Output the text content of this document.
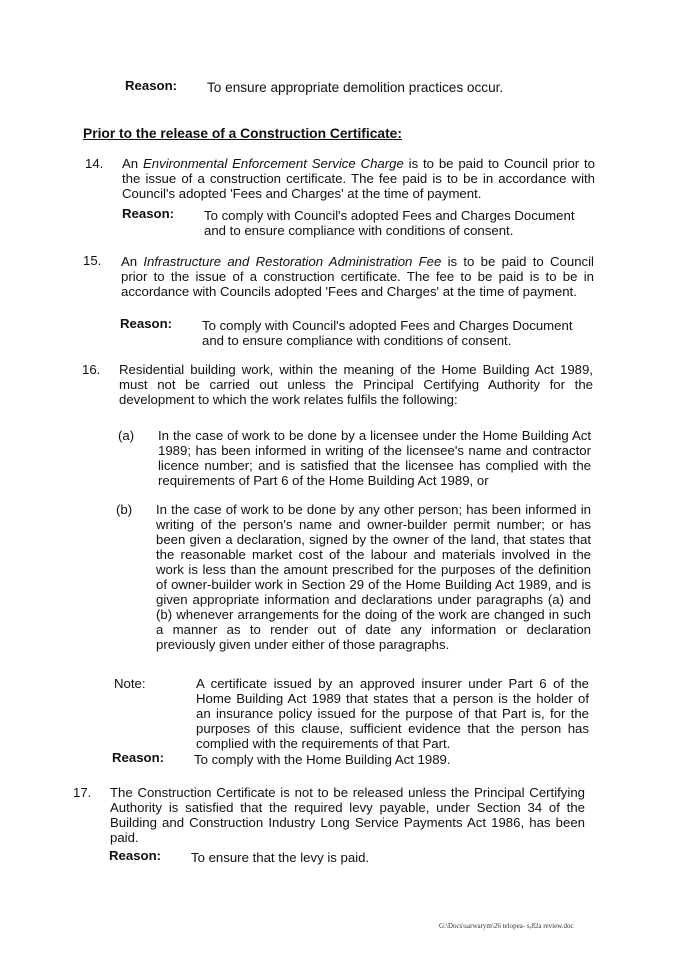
Reason: To ensure appropriate demolition practices occur.
Prior to the release of a Construction Certificate:
14.	An Environmental Enforcement Service Charge is to be paid to Council prior to the issue of a construction certificate. The fee paid is to be in accordance with Council's adopted 'Fees and Charges' at the time of payment.
Reason: To comply with Council's adopted Fees and Charges Document and to ensure compliance with conditions of consent.
15.	An Infrastructure and Restoration Administration Fee is to be paid to Council prior to the issue of a construction certificate. The fee to be paid is to be in accordance with Councils adopted 'Fees and Charges' at the time of payment.
Reason: To comply with Council's adopted Fees and Charges Document and to ensure compliance with conditions of consent.
16.	Residential building work, within the meaning of the Home Building Act 1989, must not be carried out unless the Principal Certifying Authority for the development to which the work relates fulfils the following:
(a) In the case of work to be done by a licensee under the Home Building Act 1989; has been informed in writing of the licensee's name and contractor licence number; and is satisfied that the licensee has complied with the requirements of Part 6 of the Home Building Act 1989, or
(b) In the case of work to be done by any other person; has been informed in writing of the person's name and owner-builder permit number; or has been given a declaration, signed by the owner of the land, that states that the reasonable market cost of the labour and materials involved in the work is less than the amount prescribed for the purposes of the definition of owner-builder work in Section 29 of the Home Building Act 1989, and is given appropriate information and declarations under paragraphs (a) and (b) whenever arrangements for the doing of the work are changed in such a manner as to render out of date any information or declaration previously given under either of those paragraphs.
Note:	A certificate issued by an approved insurer under Part 6 of the Home Building Act 1989 that states that a person is the holder of an insurance policy issued for the purpose of that Part is, for the purposes of this clause, sufficient evidence that the person has complied with the requirements of that Part.
Reason: To comply with the Home Building Act 1989.
17.	The Construction Certificate is not to be released unless the Principal Certifying Authority is satisfied that the required levy payable, under Section 34 of the Building and Construction Industry Long Service Payments Act 1986, has been paid.
Reason: To ensure that the levy is paid.
G:\Docs\sarwarym\26 telopea- s,82a review.doc
